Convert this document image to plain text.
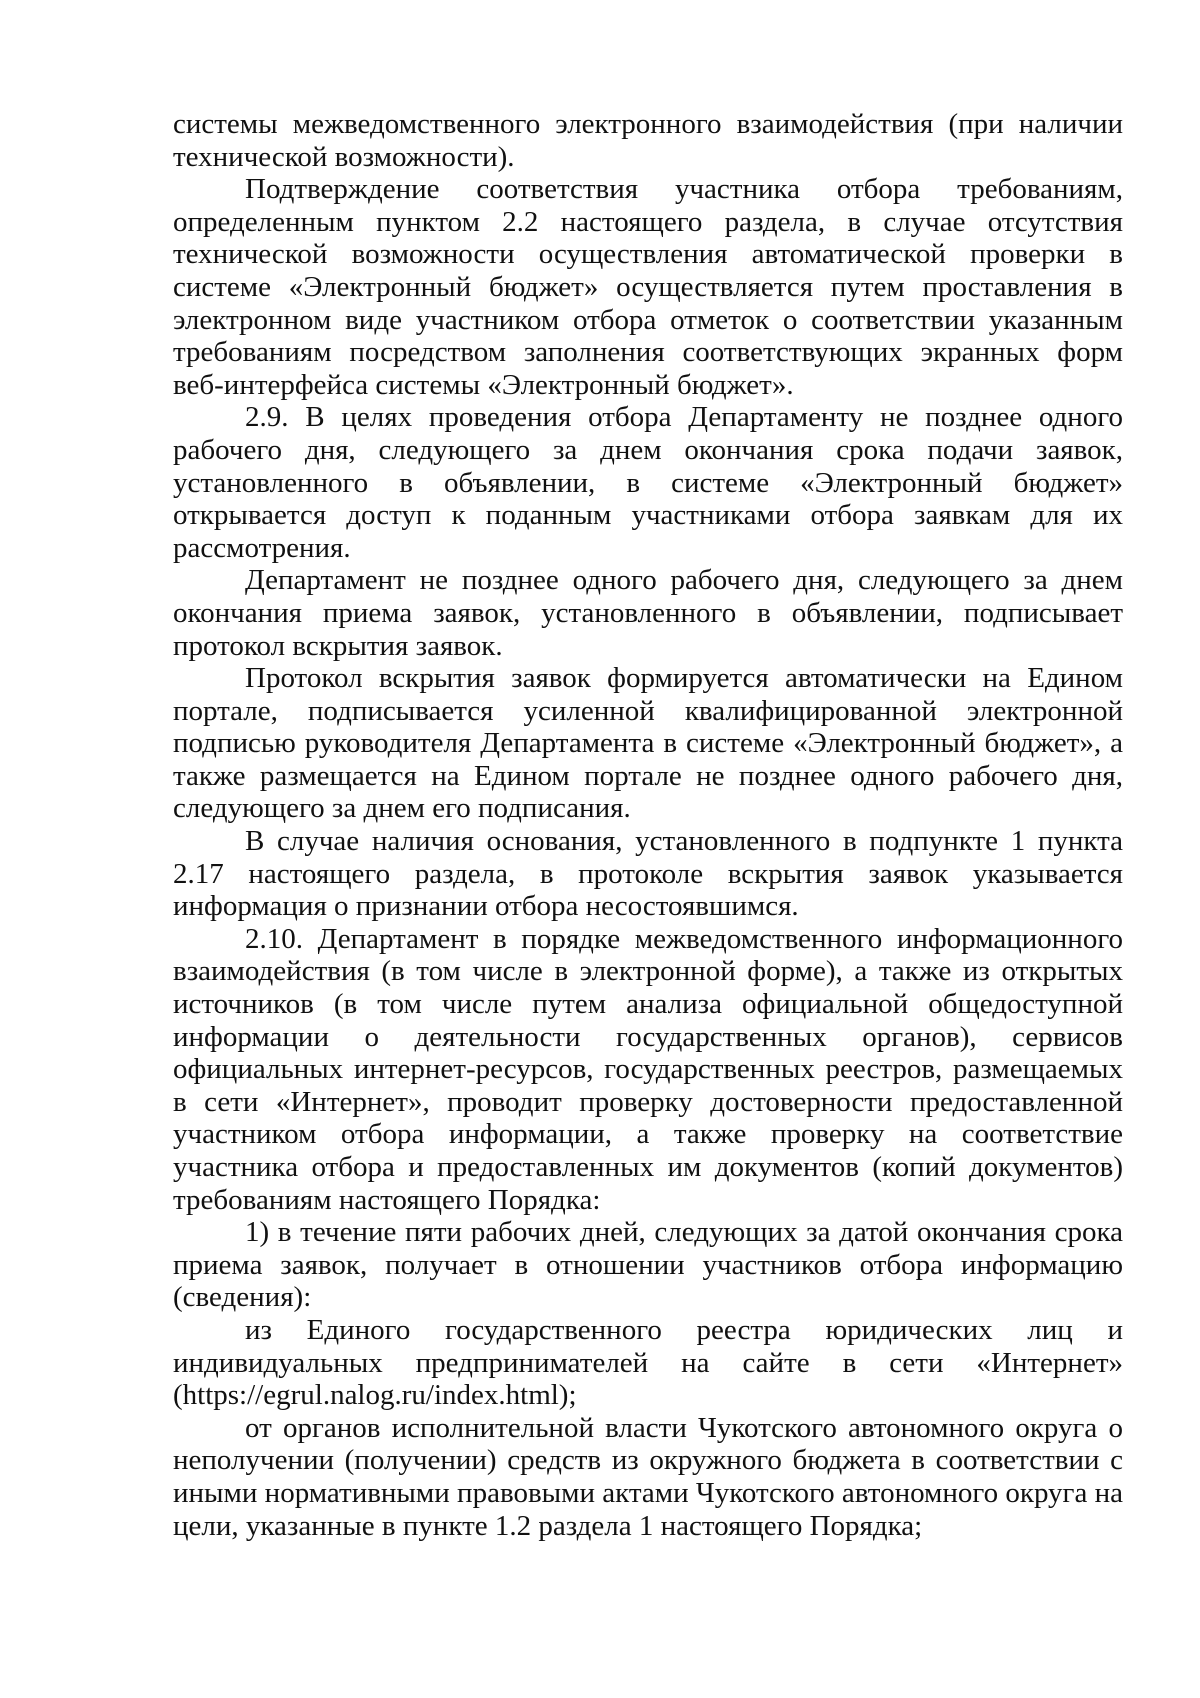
системы межведомственного электронного взаимодействия (при наличии технической возможности).

Подтверждение соответствия участника отбора требованиям, определенным пунктом 2.2 настоящего раздела, в случае отсутствия технической возможности осуществления автоматической проверки в системе «Электронный бюджет» осуществляется путем проставления в электронном виде участником отбора отметок о соответствии указанным требованиям посредством заполнения соответствующих экранных форм веб-интерфейса системы «Электронный бюджет».

2.9. В целях проведения отбора Департаменту не позднее одного рабочего дня, следующего за днем окончания срока подачи заявок, установленного в объявлении, в системе «Электронный бюджет» открывается доступ к поданным участниками отбора заявкам для их рассмотрения.

Департамент не позднее одного рабочего дня, следующего за днем окончания приема заявок, установленного в объявлении, подписывает протокол вскрытия заявок.

Протокол вскрытия заявок формируется автоматически на Едином портале, подписывается усиленной квалифицированной электронной подписью руководителя Департамента в системе «Электронный бюджет», а также размещается на Едином портале не позднее одного рабочего дня, следующего за днем его подписания.

В случае наличия основания, установленного в подпункте 1 пункта 2.17 настоящего раздела, в протоколе вскрытия заявок указывается информация о признании отбора несостоявшимся.

2.10. Департамент в порядке межведомственного информационного взаимодействия (в том числе в электронной форме), а также из открытых источников (в том числе путем анализа официальной общедоступной информации о деятельности государственных органов), сервисов официальных интернет-ресурсов, государственных реестров, размещаемых в сети «Интернет», проводит проверку достоверности предоставленной участником отбора информации, а также проверку на соответствие участника отбора и предоставленных им документов (копий документов) требованиям настоящего Порядка:

1) в течение пяти рабочих дней, следующих за датой окончания срока приема заявок, получает в отношении участников отбора информацию (сведения):

из Единого государственного реестра юридических лиц и индивидуальных предпринимателей на сайте в сети «Интернет» (https://egrul.nalog.ru/index.html);

от органов исполнительной власти Чукотского автономного округа о неполучении (получении) средств из окружного бюджета в соответствии с иными нормативными правовыми актами Чукотского автономного округа на цели, указанные в пункте 1.2 раздела 1 настоящего Порядка;
